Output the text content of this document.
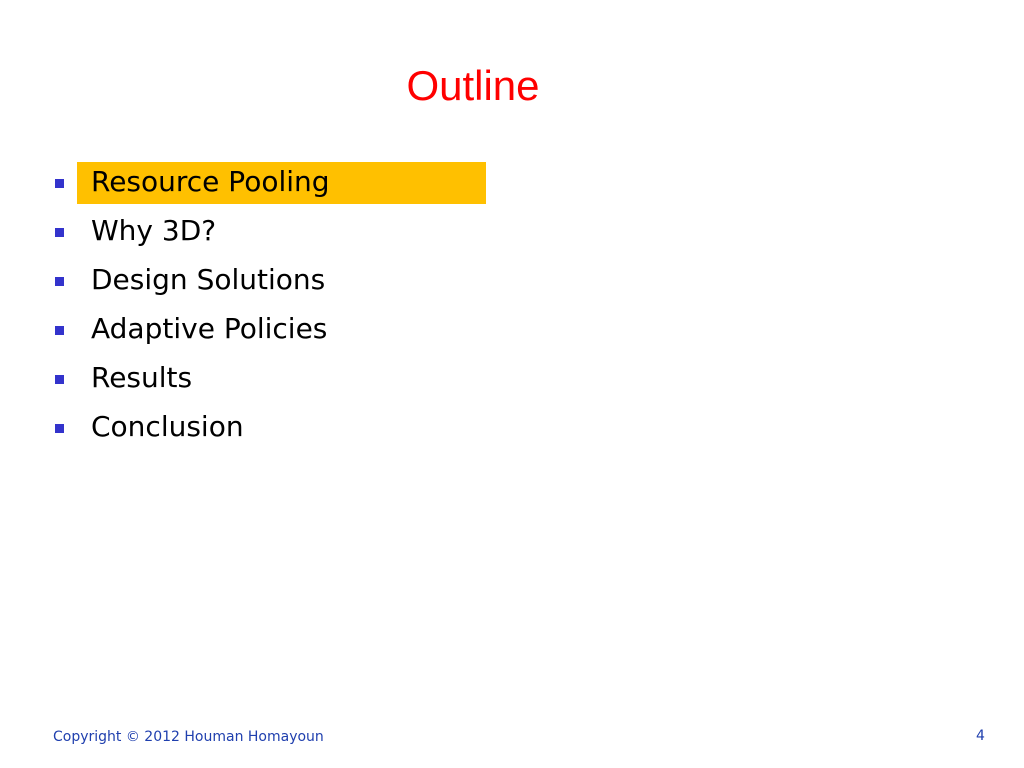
Outline
Resource Pooling
Why 3D?
Design Solutions
Adaptive Policies
Results
Conclusion
Copyright © 2012 Houman Homayoun	4
